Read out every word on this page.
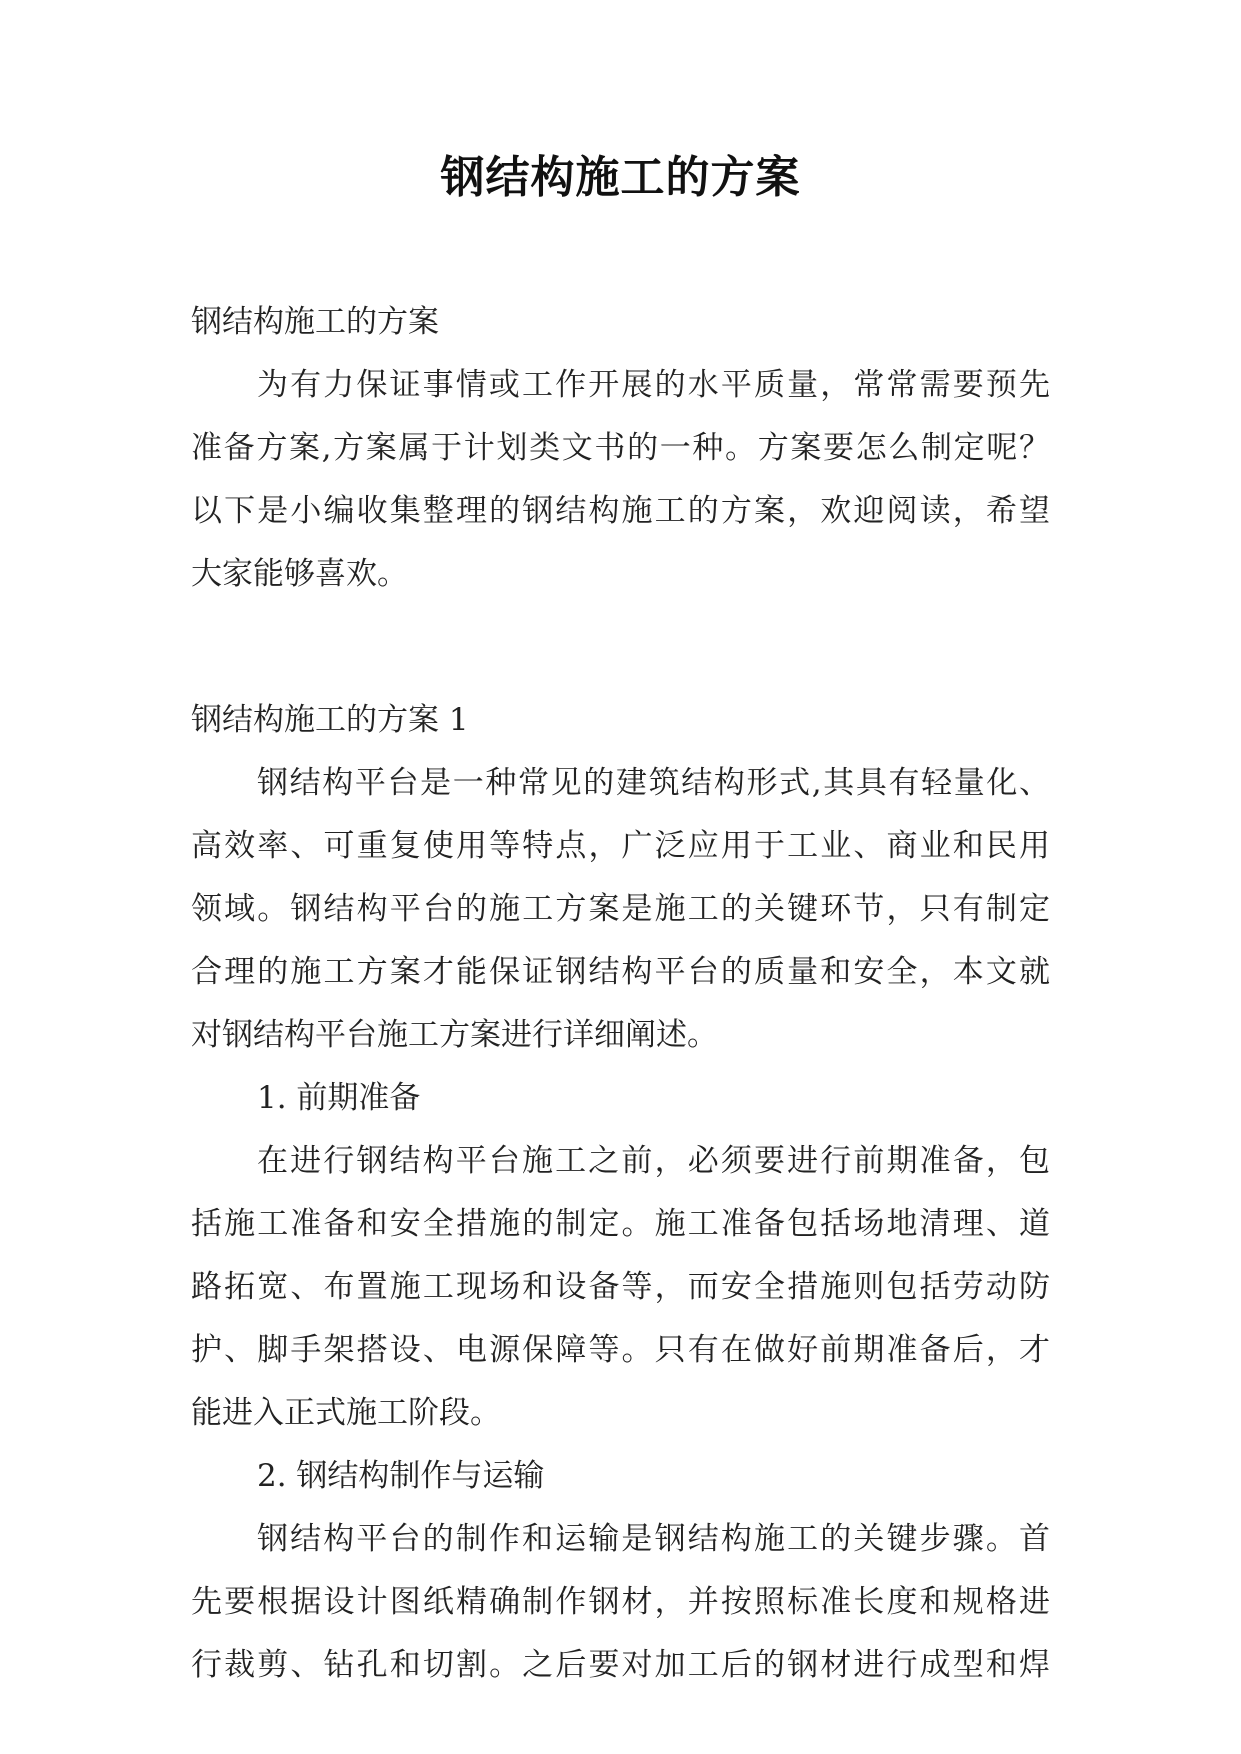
钢结构施工的方案
钢结构施工的方案
为有力保证事情或工作开展的水平质量，常常需要预先
准备方案,方案属于计划类文书的一种。方案要怎么制定呢？
以下是小编收集整理的钢结构施工的方案，欢迎阅读，希望
大家能够喜欢。
钢结构施工的方案 1
钢结构平台是一种常见的建筑结构形式,其具有轻量化、
高效率、可重复使用等特点，广泛应用于工业、商业和民用
领域。钢结构平台的施工方案是施工的关键环节，只有制定
合理的施工方案才能保证钢结构平台的质量和安全，本文就
对钢结构平台施工方案进行详细阐述。
1. 前期准备
在进行钢结构平台施工之前，必须要进行前期准备，包
括施工准备和安全措施的制定。施工准备包括场地清理、道
路拓宽、布置施工现场和设备等，而安全措施则包括劳动防
护、脚手架搭设、电源保障等。只有在做好前期准备后，才
能进入正式施工阶段。
2. 钢结构制作与运输
钢结构平台的制作和运输是钢结构施工的关键步骤。首
先要根据设计图纸精确制作钢材，并按照标准长度和规格进
行裁剪、钻孔和切割。之后要对加工后的钢材进行成型和焊
